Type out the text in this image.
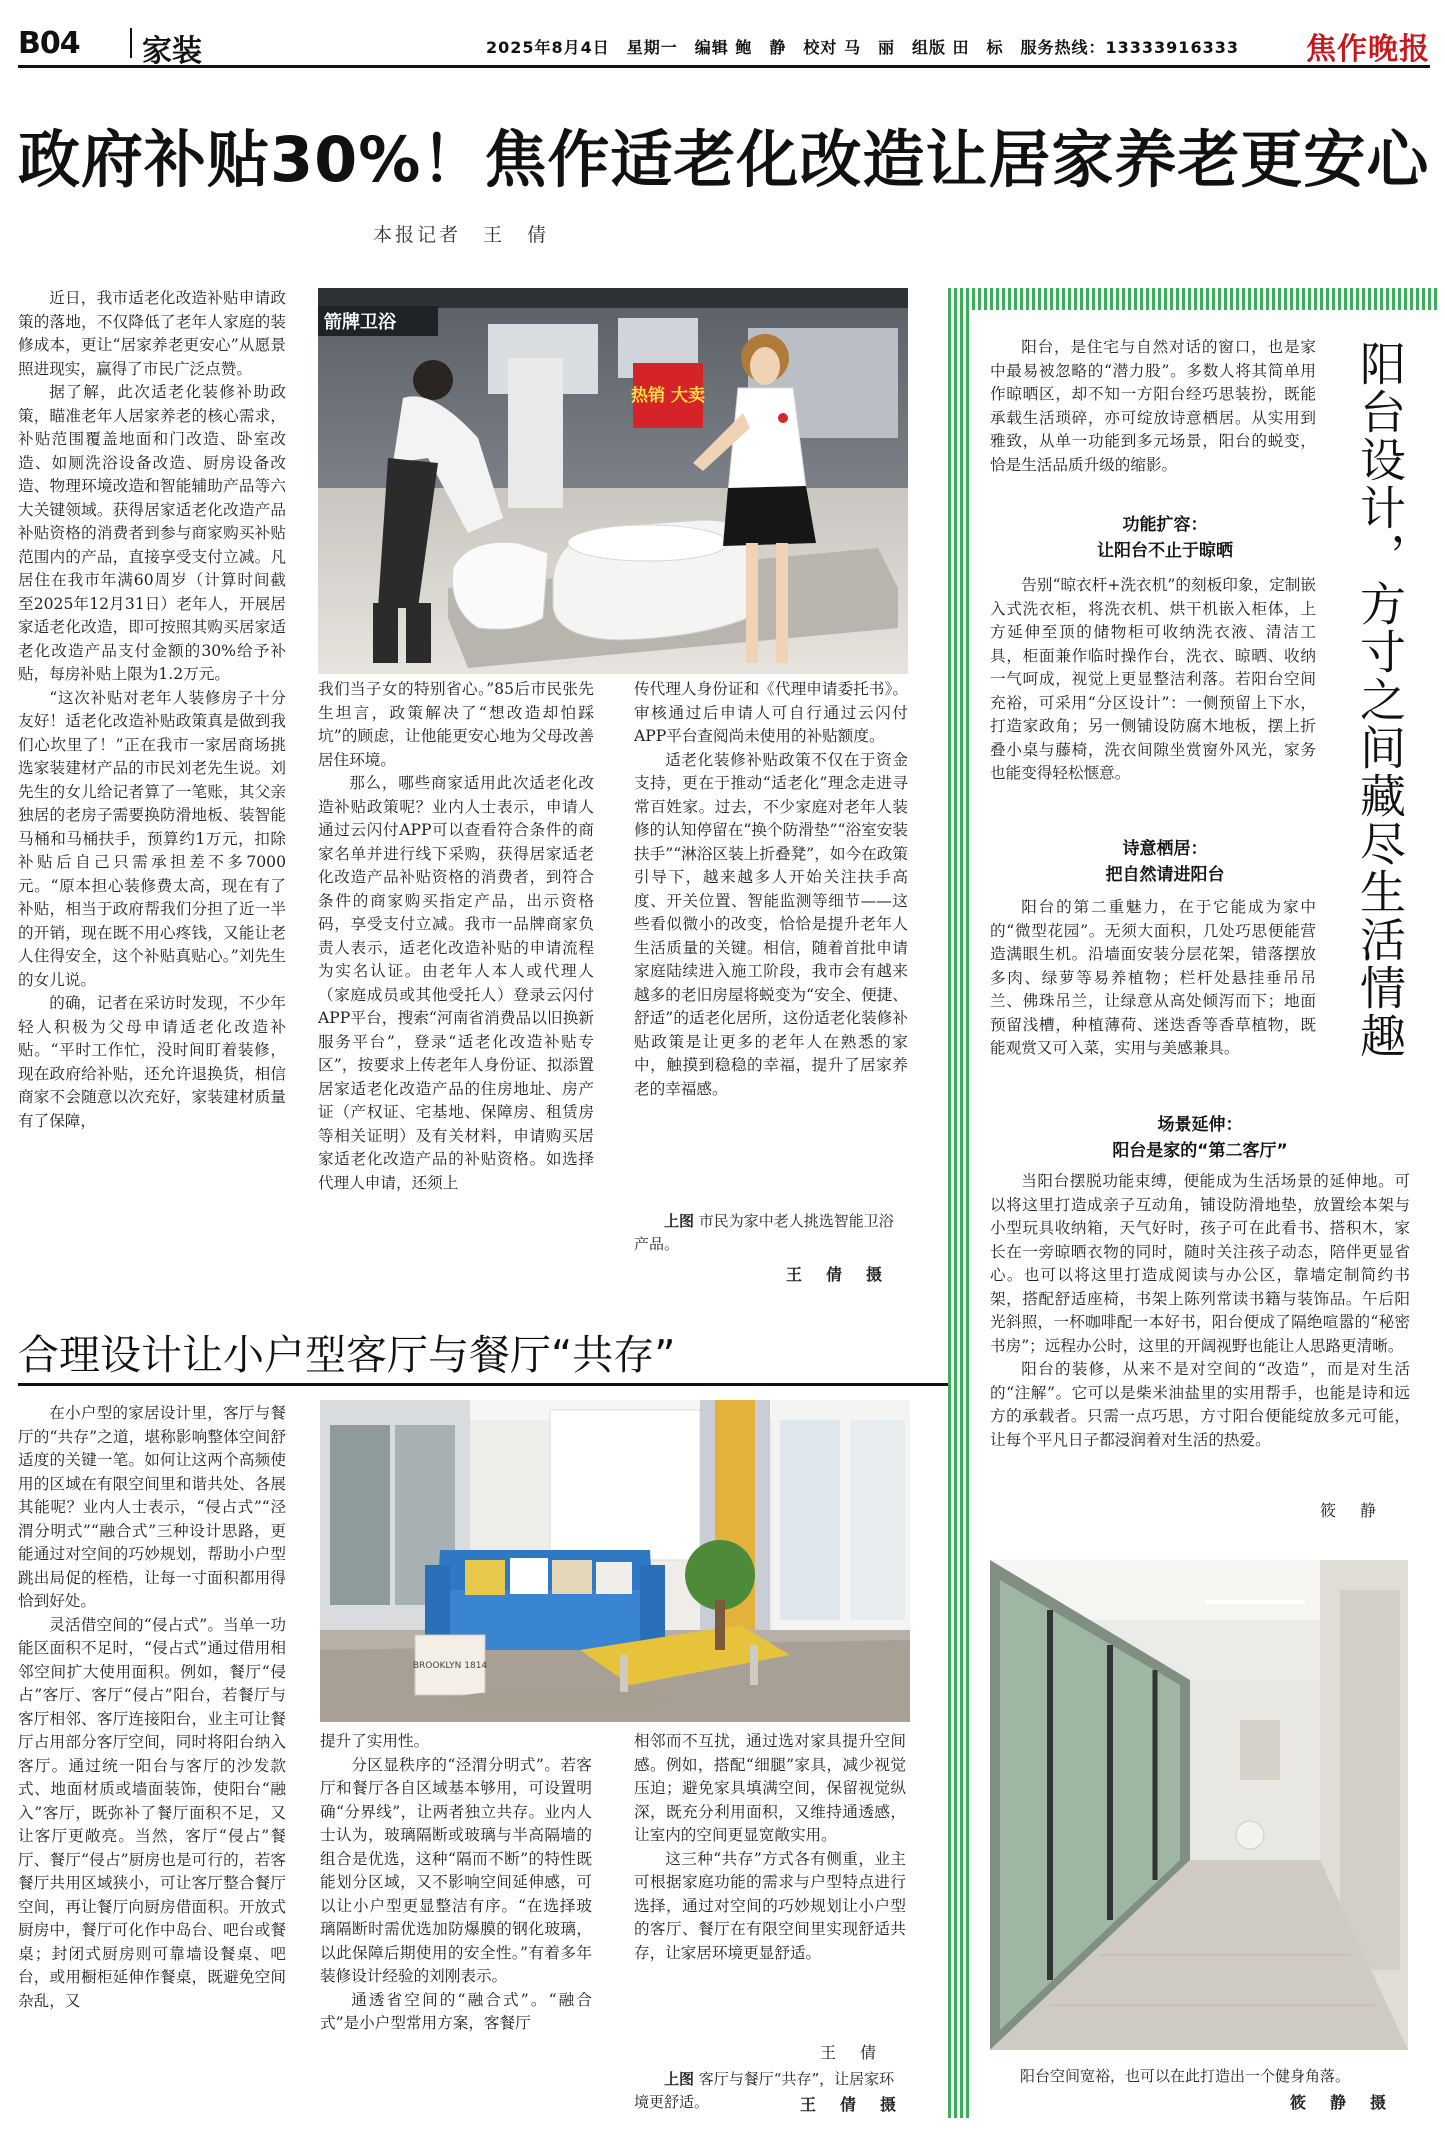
B04 家装	2025年8月4日　星期一　编辑 鲍　静　校对 马　丽　组版 田　标　服务热线：13333916333 焦作晚报
政府补贴30%！焦作适老化改造让居家养老更安心
本报记者　王　倩

近日，我市适老化改造补贴申请政策的落地，不仅降低了老年人家庭的装修成本，更让“居家养老更安心”从愿景照进现实，赢得了市民广泛点赞。

据了解，此次适老化装修补助政策，瞄准老年人居家养老的核心需求，补贴范围覆盖地面和门改造、卧室改造、如厕洗浴设备改造、厨房设备改造、物理环境改造和智能辅助产品等六大关键领域。获得居家适老化改造产品补贴资格的消费者到参与商家购买补贴范围内的产品，直接享受支付立减。凡居住在我市年满60周岁（计算时间截至2025年12月31日）老年人，开展居家适老化改造，即可按照其购买居家适老化改造产品支付金额的30%给予补贴，每房补贴上限为1.2万元。

“这次补贴对老年人装修房子十分友好！适老化改造补贴政策真是做到我们心坎里了！”正在我市一家居商场挑选家装建材产品的市民刘老先生说。刘先生的女儿给记者算了一笔账，其父亲独居的老房子需要换防滑地板、装智能马桶和马桶扶手，预算约1万元，扣除补贴后自己只需承担差不多7000元。“原本担心装修费太高，现在有了补贴，相当于政府帮我们分担了近一半的开销，现在既不用心疼钱，又能让老人住得安全，这个补贴真贴心。”刘先生的女儿说。

的确，记者在采访时发现，不少年轻人积极为父母申请适老化改造补贴。“平时工作忙，没时间盯着装修，现在政府给补贴，还允许退换货，相信商家不会随意以次充好，家装建材质量有了保障，

箭牌卫浴
热销 大卖

我们当子女的特别省心。”85后市民张先生坦言，政策解决了“想改造却怕踩坑”的顾虑，让他能更安心地为父母改善居住环境。

那么，哪些商家适用此次适老化改造补贴政策呢？业内人士表示，申请人通过云闪付APP可以查看符合条件的商家名单并进行线下采购，获得居家适老化改造产品补贴资格的消费者，到符合条件的商家购买指定产品，出示资格码，享受支付立减。我市一品牌商家负责人表示，适老化改造补贴的申请流程为实名认证。由老年人本人或代理人（家庭成员或其他受托人）登录云闪付APP平台，搜索“河南省消费品以旧换新服务平台”，登录“适老化改造补贴专区”，按要求上传老年人身份证、拟添置居家适老化改造产品的住房地址、房产证（产权证、宅基地、保障房、租赁房等相关证明）及有关材料，申请购买居家适老化改造产品的补贴资格。如选择代理人申请，还须上

传代理人身份证和《代理申请委托书》。审核通过后申请人可自行通过云闪付APP平台查阅尚未使用的补贴额度。

适老化装修补贴政策不仅在于资金支持，更在于推动“适老化”理念走进寻常百姓家。过去，不少家庭对老年人装修的认知停留在“换个防滑垫”“浴室安装扶手”“淋浴区装上折叠凳”，如今在政策引导下，越来越多人开始关注扶手高度、开关位置、智能监测等细节——这些看似微小的改变，恰恰是提升老年人生活质量的关键。相信，随着首批申请家庭陆续进入施工阶段，我市会有越来越多的老旧房屋将蜕变为“安全、便捷、舒适”的适老化居所，这份适老化装修补贴政策是让更多的老年人在熟悉的家中，触摸到稳稳的幸福，提升了居家养老的幸福感。

上图 市民为家中老人挑选智能卫浴产品。
王　倩　摄
合理设计让小户型客厅与餐厅“共存”

在小户型的家居设计里，客厅与餐厅的“共存”之道，堪称影响整体空间舒适度的关键一笔。如何让这两个高频使用的区域在有限空间里和谐共处、各展其能呢？业内人士表示，“侵占式”“泾渭分明式”“融合式”三种设计思路，更能通过对空间的巧妙规划，帮助小户型跳出局促的桎梏，让每一寸面积都用得恰到好处。

灵活借空间的“侵占式”。当单一功能区面积不足时，“侵占式”通过借用相邻空间扩大使用面积。例如，餐厅“侵占”客厅、客厅“侵占”阳台，若餐厅与客厅相邻、客厅连接阳台，业主可让餐厅占用部分客厅空间，同时将阳台纳入客厅。通过统一阳台与客厅的沙发款式、地面材质或墙面装饰，使阳台“融入”客厅，既弥补了餐厅面积不足，又让客厅更敞亮。当然，客厅“侵占”餐厅、餐厅“侵占”厨房也是可行的，若客餐厅共用区域狭小，可让客厅整合餐厅空间，再让餐厅向厨房借面积。开放式厨房中，餐厅可化作中岛台、吧台或餐桌；封闭式厨房则可靠墙设餐桌、吧台，或用橱柜延伸作餐桌，既避免空间杂乱，又

BROOKLYN 1814

提升了实用性。

分区显秩序的“泾渭分明式”。若客厅和餐厅各自区域基本够用，可设置明确“分界线”，让两者独立共存。业内人士认为，玻璃隔断或玻璃与半高隔墙的组合是优选，这种“隔而不断”的特性既能划分区域，又不影响空间延伸感，可以让小户型更显整洁有序。“在选择玻璃隔断时需优选加防爆膜的钢化玻璃，以此保障后期使用的安全性。”有着多年装修设计经验的刘刚表示。

通透省空间的“融合式”。“融合式”是小户型常用方案，客餐厅

相邻而不互扰，通过选对家具提升空间感。例如，搭配“细腿”家具，减少视觉压迫；避免家具填满空间，保留视觉纵深，既充分利用面积，又维持通透感，让室内的空间更显宽敞实用。

这三种“共存”方式各有侧重，业主可根据家庭功能的需求与户型特点进行选择，通过对空间的巧妙规划让小户型的客厅、餐厅在有限空间里实现舒适共存，让家居环境更显舒适。

王　倩
上图 客厅与餐厅“共存”，让居家环境更舒适。	王　倩　摄
阳台设计，方寸之间藏尽生活情趣

阳台，是住宅与自然对话的窗口，也是家中最易被忽略的“潜力股”。多数人将其简单用作晾晒区，却不知一方阳台经巧思装扮，既能承载生活琐碎，亦可绽放诗意栖居。从实用到雅致，从单一功能到多元场景，阳台的蜕变，恰是生活品质升级的缩影。

功能扩容：
让阳台不止于晾晒

告别“晾衣杆+洗衣机”的刻板印象，定制嵌入式洗衣柜，将洗衣机、烘干机嵌入柜体，上方延伸至顶的储物柜可收纳洗衣液、清洁工具，柜面兼作临时操作台，洗衣、晾晒、收纳一气呵成，视觉上更显整洁利落。若阳台空间充裕，可采用“分区设计”：一侧预留上下水，打造家政角；另一侧铺设防腐木地板，摆上折叠小桌与藤椅，洗衣间隙坐赏窗外风光，家务也能变得轻松惬意。

诗意栖居：
把自然请进阳台

阳台的第二重魅力，在于它能成为家中的“微型花园”。无须大面积，几处巧思便能营造满眼生机。沿墙面安装分层花架，错落摆放多肉、绿萝等易养植物；栏杆处悬挂垂吊吊兰、佛珠吊兰，让绿意从高处倾泻而下；地面预留浅槽，种植薄荷、迷迭香等香草植物，既能观赏又可入菜，实用与美感兼具。

场景延伸：
阳台是家的“第二客厅”

当阳台摆脱功能束缚，便能成为生活场景的延伸地。可以将这里打造成亲子互动角，铺设防滑地垫，放置绘本架与小型玩具收纳箱，天气好时，孩子可在此看书、搭积木，家长在一旁晾晒衣物的同时，随时关注孩子动态，陪伴更显省心。也可以将这里打造成阅读与办公区，靠墙定制简约书架，搭配舒适座椅，书架上陈列常读书籍与装饰品。午后阳光斜照，一杯咖啡配一本好书，阳台便成了隔绝喧嚣的“秘密书房”；远程办公时，这里的开阔视野也能让人思路更清晰。

阳台的装修，从来不是对空间的“改造”，而是对生活的“注解”。它可以是柴米油盐里的实用帮手，也能是诗和远方的承载者。只需一点巧思，方寸阳台便能绽放多元可能，让每个平凡日子都浸润着对生活的热爱。

筱　静
阳台空间宽裕，也可以在此打造出一个健身角落。
筱　静　摄
